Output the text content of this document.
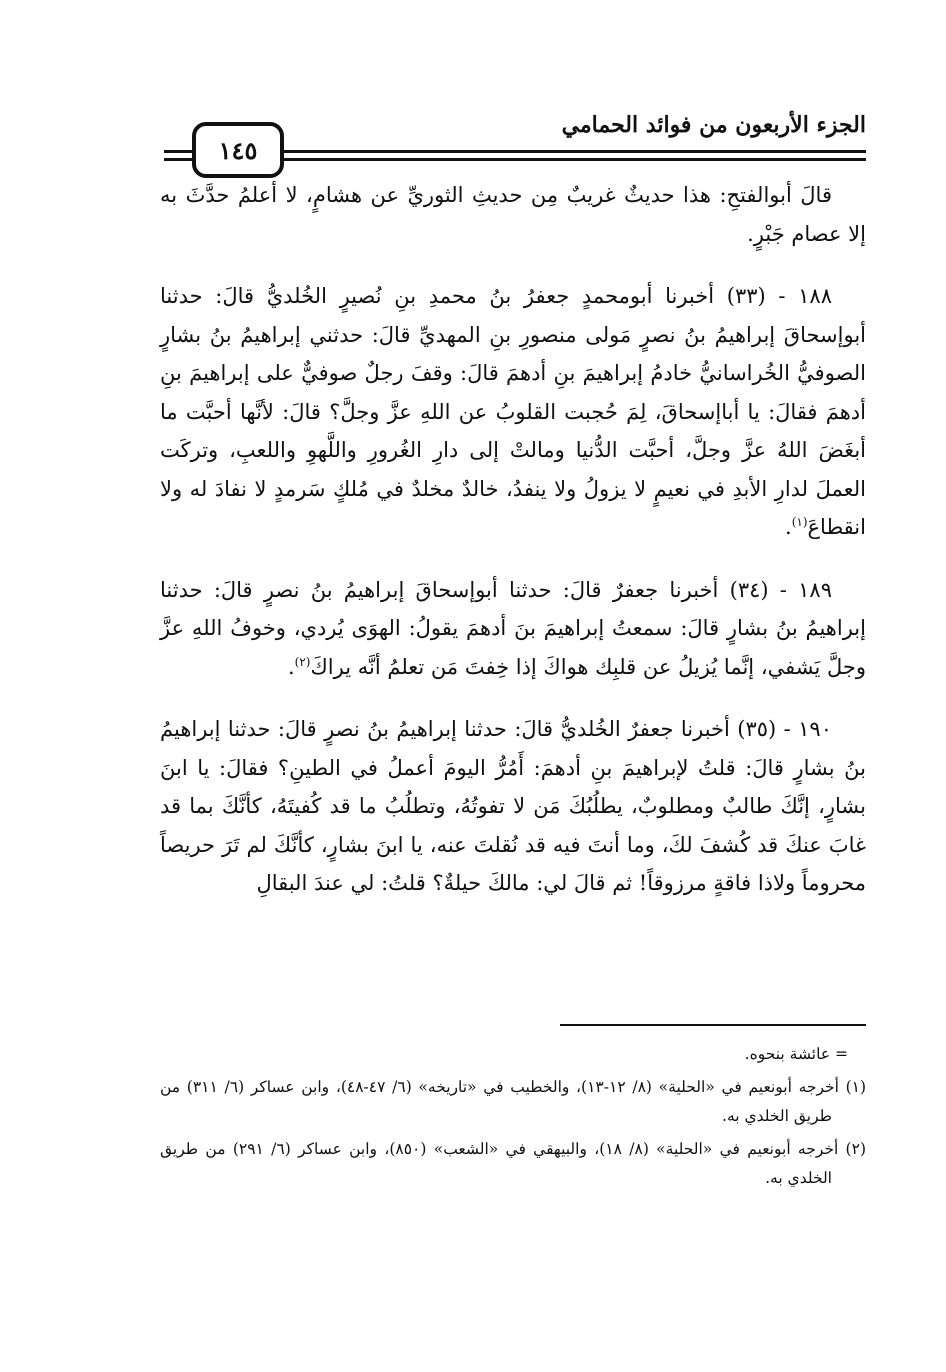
الجزء الأربعون من فوائد الحمامي
١٤٥

قالَ أبوالفتحِ: هذا حديثٌ غريبٌ مِن حديثِ الثوريِّ عن هشامٍ، لا أعلمُ حدَّثَ به إلا عصام جَبْرٍ.

١٨٨ - (٣٣) أخبرنا أبومحمدٍ جعفرُ بنُ محمدِ بنِ نُصيرٍ الخُلديُّ قالَ: حدثنا أبوإسحاقَ إبراهيمُ بنُ نصرٍ مَولى منصورِ بنِ المهديِّ قالَ: حدثني إبراهيمُ بنُ بشارٍ الصوفيُّ الخُراسانيُّ خادمُ إبراهيمَ بنِ أدهمَ قالَ: وقفَ رجلٌ صوفيٌّ على إبراهيمَ بنِ أدهمَ فقالَ: يا أباإسحاقَ، لِمَ حُجبت القلوبُ عن اللهِ عزَّ وجلَّ؟ قالَ: لأنَّها أحبَّت ما أبغَضَ اللهُ عزَّ وجلَّ، أحبَّت الدُّنيا ومالتْ إلى دارِ الغُرورِ واللَّهوِ واللعبِ، وتركَت العملَ لدارِ الأبدِ في نعيمٍ لا يزولُ ولا ينفدُ، خالدٌ مخلدٌ في مُلكٍ سَرمدٍ لا نفادَ له ولا انقطاعَ$^{(١)}$.

١٨٩ - (٣٤) أخبرنا جعفرٌ قالَ: حدثنا أبوإسحاقَ إبراهيمُ بنُ نصرٍ قالَ: حدثنا إبراهيمُ بنُ بشارٍ قالَ: سمعتُ إبراهيمَ بنَ أدهمَ يقولُ: الهوَى يُردي، وخوفُ اللهِ عزَّ وجلَّ يَشفي، إنَّما يُزيلُ عن قلبِك هواكَ إذا خِفتَ مَن تعلمُ أنَّه يراكَ$^{(٢)}$.

١٩٠ - (٣٥) أخبرنا جعفرٌ الخُلديُّ قالَ: حدثنا إبراهيمُ بنُ نصرٍ قالَ: حدثنا إبراهيمُ بنُ بشارٍ قالَ: قلتُ لإبراهيمَ بنِ أدهمَ: أَمُرُّ اليومَ أعملُ في الطينِ؟ فقالَ: يا ابنَ بشارٍ، إنَّكَ طالبٌ ومطلوبٌ، يطلُبُكَ مَن لا تفوتُهُ، وتطلُبُ ما قد كُفيتَهُ، كأنَّكَ بما قد غابَ عنكَ قد كُشفَ لكَ، وما أنتَ فيه قد نُقلتَ عنه، يا ابنَ بشارٍ، كأنَّكَ لم تَرَ حريصاً محروماً ولاذا فاقةٍ مرزوقاً! ثم قالَ لي: مالكَ حيلةٌ؟ قلتُ: لي عندَ البقالِ

= عائشة بنحوه.

(١) أخرجه أبونعيم في «الحلية» (٨/ ١٢-١٣)، والخطيب في «تاريخه» (٦/ ٤٧-٤٨)، وابن عساكر (٦/ ٣١١) من طريق الخلدي به.

(٢) أخرجه أبونعيم في «الحلية» (٨/ ١٨)، والبيهقي في «الشعب» (٨٥٠)، وابن عساكر (٦/ ٢٩١) من طريق الخلدي به.
